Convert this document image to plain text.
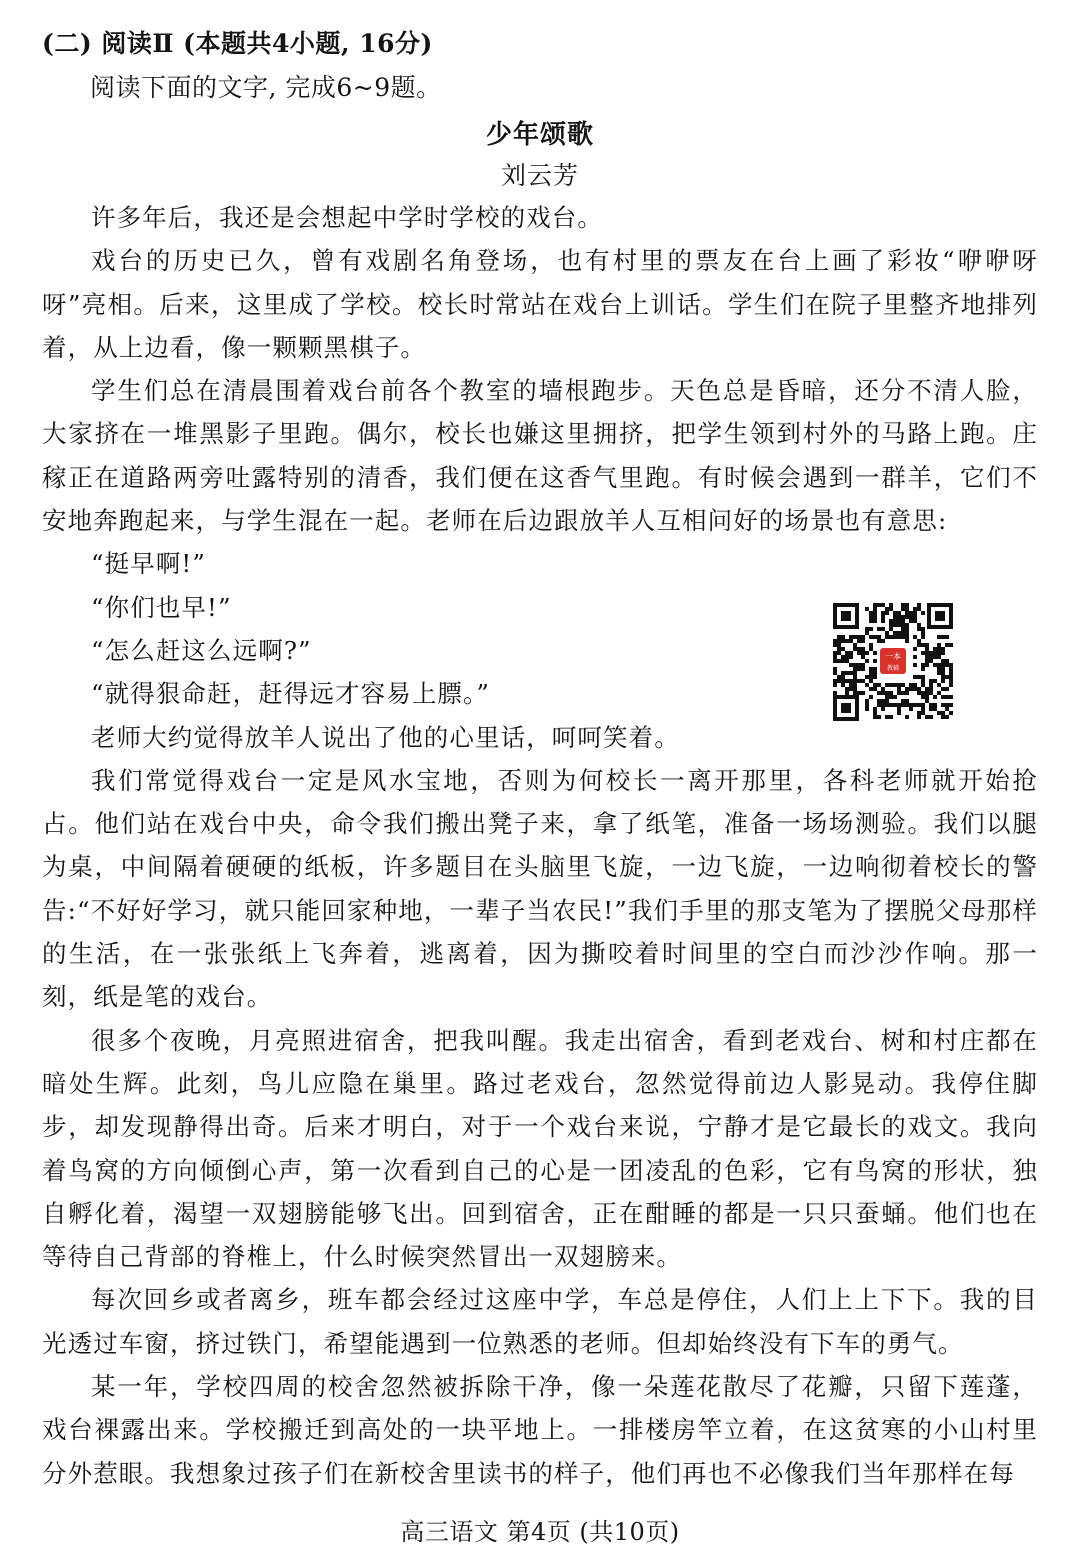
(二) 阅读Ⅱ (本题共4小题, 16分)
阅读下面的文字, 完成6~9题。
少年颂歌
刘云芳

许多年后，我还是会想起中学时学校的戏台。

戏台的历史已久，曾有戏剧名角登场，也有村里的票友在台上画了彩妆“咿咿呀呀”亮相。后来，这里成了学校。校长时常站在戏台上训话。学生们在院子里整齐地排列着，从上边看，像一颗颗黑棋子。

学生们总在清晨围着戏台前各个教室的墙根跑步。天色总是昏暗，还分不清人脸，大家挤在一堆黑影子里跑。偶尔，校长也嫌这里拥挤，把学生领到村外的马路上跑。庄稼正在道路两旁吐露特别的清香，我们便在这香气里跑。有时候会遇到一群羊，它们不安地奔跑起来，与学生混在一起。老师在后边跟放羊人互相问好的场景也有意思:

“挺早啊!”

“你们也早!”

“怎么赶这么远啊?”

“就得狠命赶，赶得远才容易上膘。”

老师大约觉得放羊人说出了他的心里话，呵呵笑着。

我们常觉得戏台一定是风水宝地，否则为何校长一离开那里，各科老师就开始抢占。他们站在戏台中央，命令我们搬出凳子来，拿了纸笔，准备一场场测验。我们以腿为桌，中间隔着硬硬的纸板，许多题目在头脑里飞旋，一边飞旋，一边响彻着校长的警告:“不好好学习，就只能回家种地，一辈子当农民!”我们手里的那支笔为了摆脱父母那样的生活，在一张张纸上飞奔着，逃离着，因为撕咬着时间里的空白而沙沙作响。那一刻，纸是笔的戏台。

很多个夜晚，月亮照进宿舍，把我叫醒。我走出宿舍，看到老戏台、树和村庄都在暗处生辉。此刻，鸟儿应隐在巢里。路过老戏台，忽然觉得前边人影晃动。我停住脚步，却发现静得出奇。后来才明白，对于一个戏台来说，宁静才是它最长的戏文。我向着鸟窝的方向倾倒心声，第一次看到自己的心是一团凌乱的色彩，它有鸟窝的形状，独自孵化着，渴望一双翅膀能够飞出。回到宿舍，正在酣睡的都是一只只蚕蛹。他们也在等待自己背部的脊椎上，什么时候突然冒出一双翅膀来。

每次回乡或者离乡，班车都会经过这座中学，车总是停住，人们上上下下。我的目光透过车窗，挤过铁门，希望能遇到一位熟悉的老师。但却始终没有下车的勇气。

某一年，学校四周的校舍忽然被拆除干净，像一朵莲花散尽了花瓣，只留下莲蓬，戏台裸露出来。学校搬迁到高处的一块平地上。一排楼房竿立着，在这贫寒的小山村里分外惹眼。我想象过孩子们在新校舍里读书的样子，他们再也不必像我们当年那样在每

一本
教辅
高三语文 第4页 (共10页)
